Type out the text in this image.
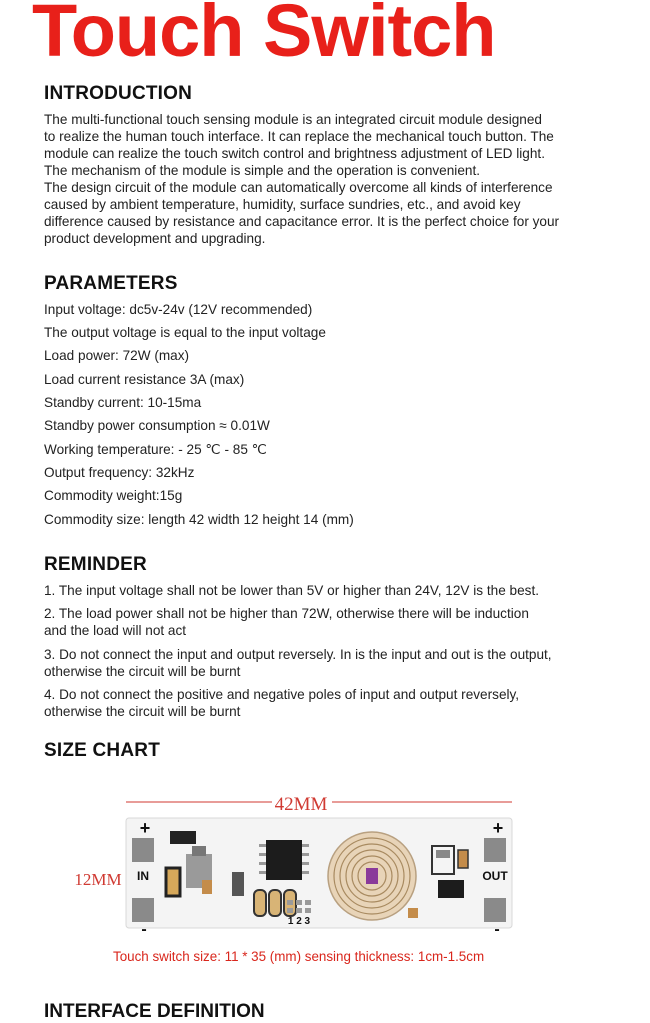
Touch Switch
INTRODUCTION
The multi-functional touch sensing module is an integrated circuit module designed
to realize the human touch interface. It can replace the mechanical touch button. The
module can realize the touch switch control and brightness adjustment of LED light.
The mechanism of the module is simple and the operation is convenient.
The design circuit of the module can automatically overcome all kinds of interference
caused by ambient temperature, humidity, surface sundries, etc., and avoid key
difference caused by resistance and capacitance error. It is the perfect choice for your
product development and upgrading.
PARAMETERS
Input voltage: dc5v-24v (12V recommended)
The output voltage is equal to the input voltage
Load power: 72W (max)
Load current resistance 3A (max)
Standby current: 10-15ma
Standby power consumption ≈ 0.01W
Working temperature: - 25 ℃ - 85 ℃
Output frequency: 32kHz
Commodity weight:15g
Commodity size: length 42 width 12 height 14 (mm)
REMINDER
1. The input voltage shall not be lower than 5V or higher than 24V, 12V is the best.
2. The load power shall not be higher than 72W, otherwise there will be induction
and the load will not act
3. Do not connect the input and output reversely. In is the input and out is the output,
otherwise the circuit will be burnt
4. Do not connect the positive and negative poles of input and output reversely,
otherwise the circuit will be burnt
SIZE CHART
42MM
12MM
+
-
IN
1 2 3
+
-
OUT
Touch switch size: 11 * 35 (mm) sensing thickness: 1cm-1.5cm
INTERFACE DEFINITION
